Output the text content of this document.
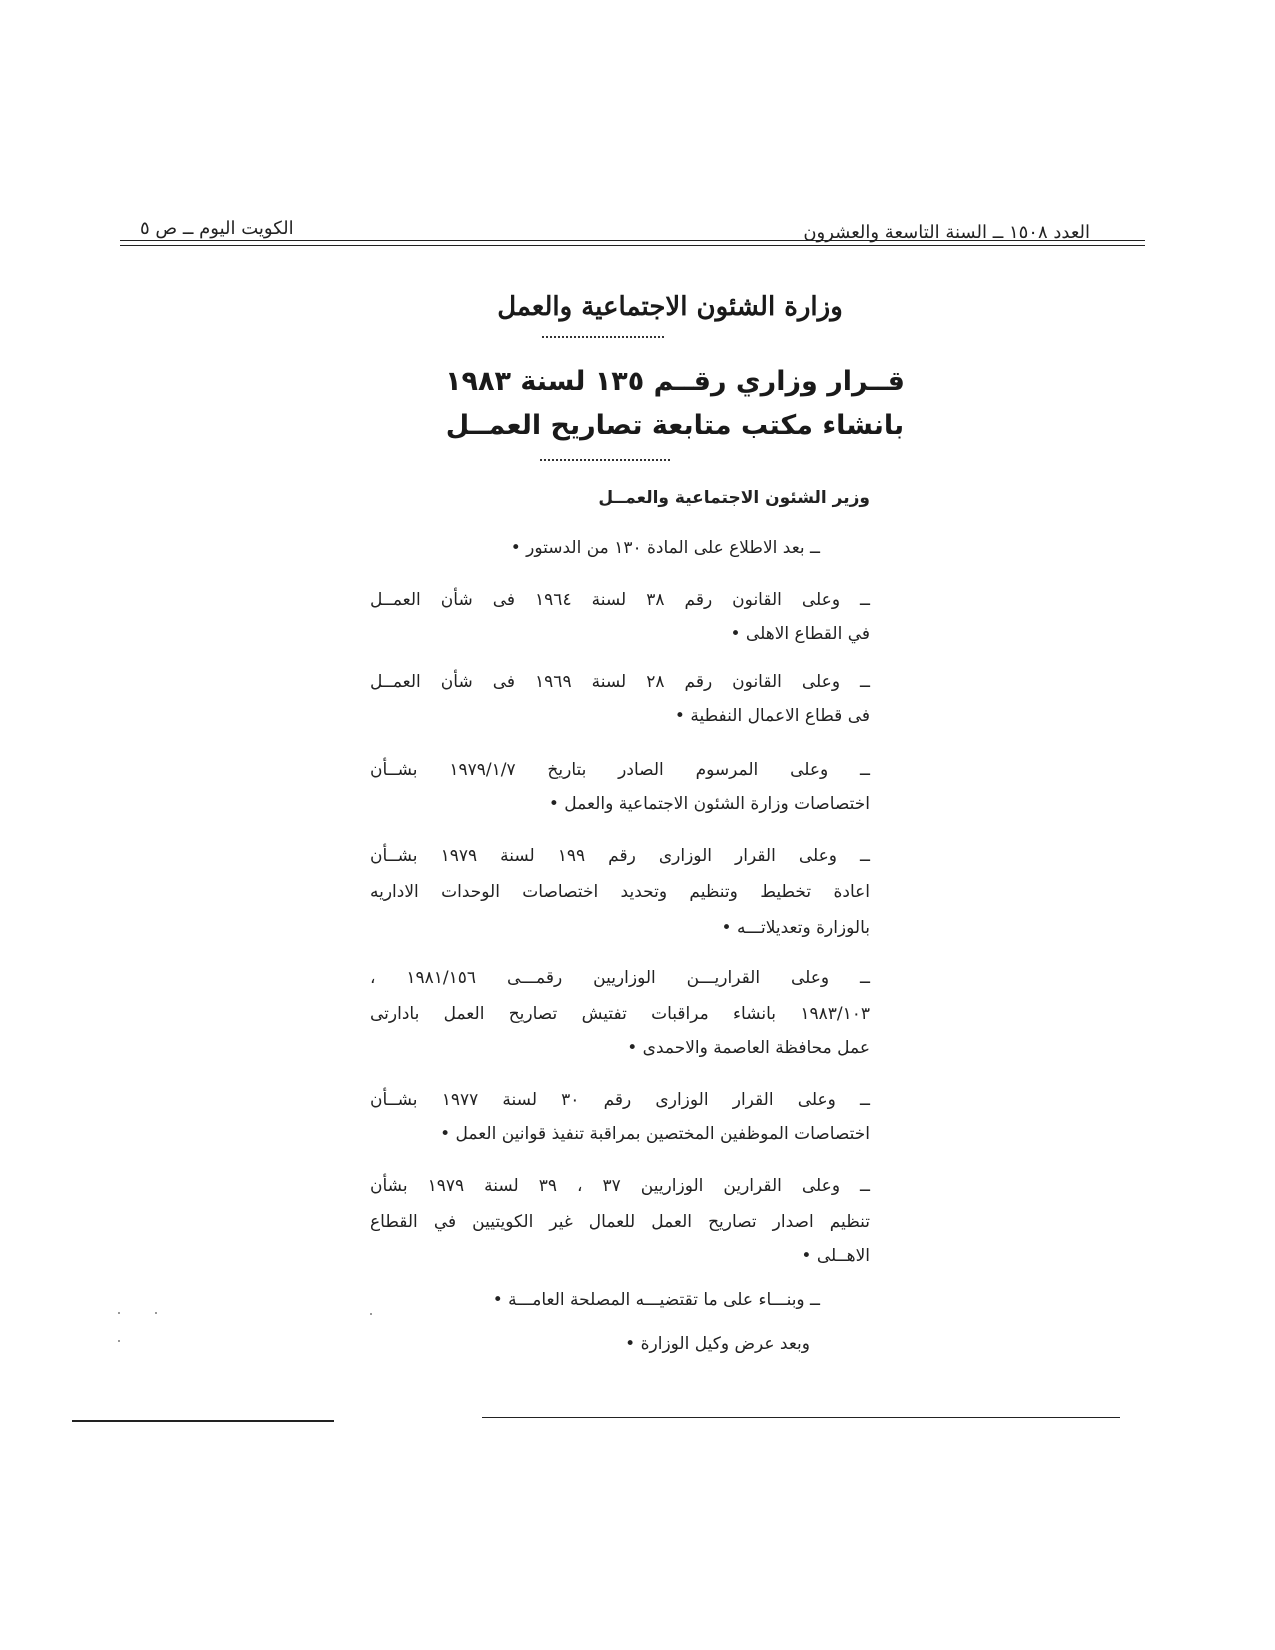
العدد ١٥٠٨ ــ السنة التاسعة والعشرون
الكويت اليوم ــ ص ٥
وزارة الشئون الاجتماعية والعمل
قــرار وزاري رقــم ١٣٥ لسنة ١٩٨٣
بانشاء مكتب متابعة تصاريح العمــل
وزير الشئون الاجتماعية والعمــل
ــ بعد الاطلاع على المادة ١٣٠ من الدستور •
ــ وعلى القانون رقم ٣٨ لسنة ١٩٦٤ فى شأن العمــل
في القطاع الاهلى •
ــ وعلى القانون رقم ٢٨ لسنة ١٩٦٩ فى شأن العمــل
فى قطاع الاعمال النفطية •
ــ وعلى المرسوم الصادر بتاريخ ١٩٧٩/١/٧ بشــأن
اختصاصات وزارة الشئون الاجتماعية والعمل •
ــ وعلى القرار الوزارى رقم ١٩٩ لسنة ١٩٧٩ بشــأن
اعادة تخطيط وتنظيم وتحديد اختصاصات الوحدات الاداريه
بالوزارة وتعديلاتـــه •
ــ وعلى القراريـــن الوزاريين رقمـــى ١٩٨١/١٥٦ ،
١٩٨٣/١٠٣ بانشاء مراقبات تفتيش تصاريح العمل بادارتى
عمل محافظة العاصمة والاحمدى •
ــ وعلى القرار الوزارى رقم ٣٠ لسنة ١٩٧٧ بشــأن
اختصاصات الموظفين المختصين بمراقبة تنفيذ قوانين العمل •
ــ وعلى القرارين الوزاريين ٣٧ ، ٣٩ لسنة ١٩٧٩ بشأن
تنظيم اصدار تصاريح العمل للعمال غير الكويتيين في القطاع
الاهــلى •
ــ وبنـــاء على ما تقتضيـــه المصلحة العامـــة •
وبعد عرض وكيل الوزارة •
